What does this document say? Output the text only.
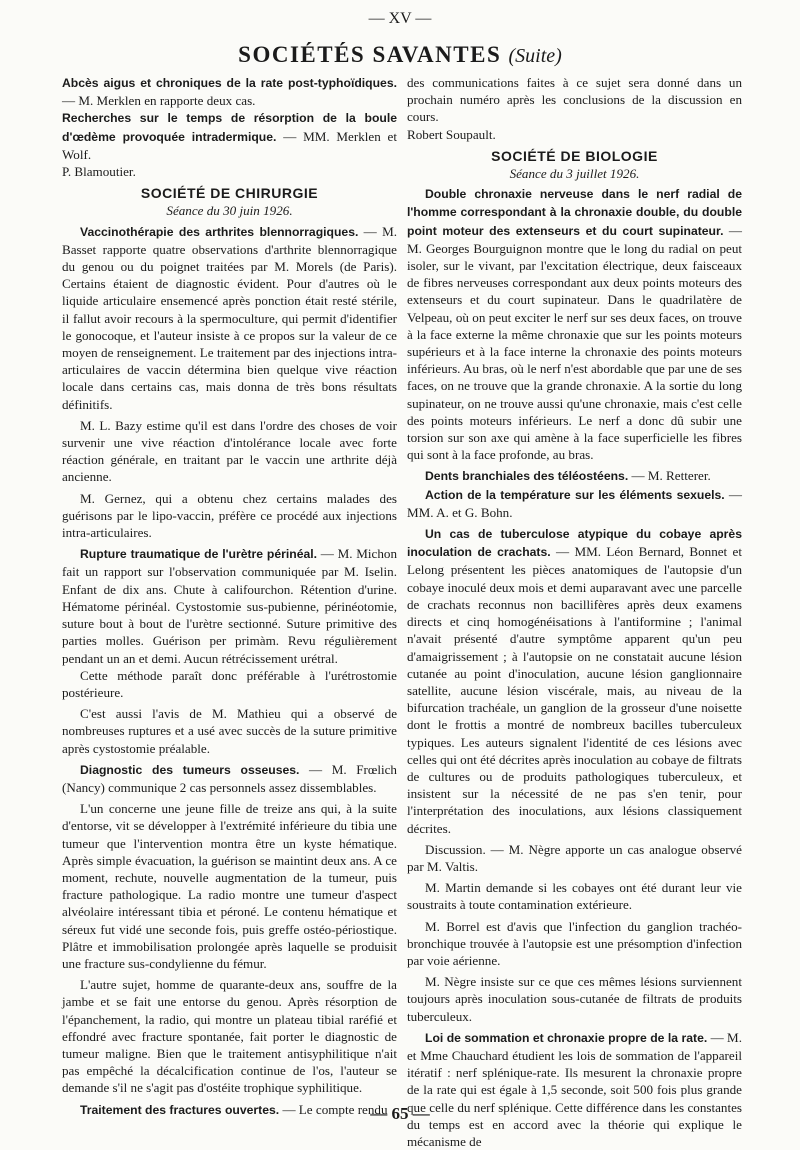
— XV —
SOCIÉTÉS SAVANTES (Suite)

Abcès aigus et chroniques de la rate post-typhoïdiques. — M. Merklen en rapporte deux cas.

Recherches sur le temps de résorption de la boule d'œdème provoquée intradermique. — MM. Merklen et Wolf.

P. Blamoutier.

SOCIÉTÉ DE CHIRURGIE

Séance du 30 juin 1926.

Vaccinothérapie des arthrites blennorragiques. — M. Basset rapporte quatre observations d'arthrite blennorragique du genou ou du poignet traitées par M. Morels (de Paris). Certains étaient de diagnostic évident. Pour d'autres où le liquide articulaire ensemencé après ponction était resté stérile, il fallut avoir recours à la spermoculture, qui permit d'identifier le gonocoque, et l'auteur insiste à ce propos sur la valeur de ce moyen de renseignement. Le traitement par des injections intra-articulaires de vaccin détermina bien quelque vive réaction locale dans certains cas, mais donna de très bons résultats définitifs.

M. L. Bazy estime qu'il est dans l'ordre des choses de voir survenir une vive réaction d'intolérance locale avec forte réaction générale, en traitant par le vaccin une arthrite déjà ancienne.

M. Gernez, qui a obtenu chez certains malades des guérisons par le lipo-vaccin, préfère ce procédé aux injections intra-articulaires.

Rupture traumatique de l'urètre périnéal. — M. Michon fait un rapport sur l'observation communiquée par M. Iselin. Enfant de dix ans. Chute à califourchon. Rétention d'urine. Hématome périnéal. Cystostomie sus-pubienne, périnéotomie, suture bout à bout de l'urètre sectionné. Suture primitive des parties molles. Guérison per primàm. Revu régulièrement pendant un an et demi. Aucun rétrécissement urétral.

Cette méthode paraît donc préférable à l'urétrostomie postérieure.

C'est aussi l'avis de M. Mathieu qui a observé de nombreuses ruptures et a usé avec succès de la suture primitive après cystostomie préalable.

Diagnostic des tumeurs osseuses. — M. Frœlich (Nancy) communique 2 cas personnels assez dissemblables.

L'un concerne une jeune fille de treize ans qui, à la suite d'entorse, vit se développer à l'extrémité inférieure du tibia une tumeur que l'intervention montra être un kyste hématique. Après simple évacuation, la guérison se maintint deux ans. A ce moment, rechute, nouvelle augmentation de la tumeur, puis fracture pathologique. La radio montre une tumeur d'aspect alvéolaire intéressant tibia et péroné. Le contenu hématique et séreux fut vidé une seconde fois, puis greffe ostéo-périostique. Plâtre et immobilisation prolongée après laquelle se produisit une fracture sus-condylienne du fémur.

L'autre sujet, homme de quarante-deux ans, souffre de la jambe et se fait une entorse du genou. Après résorption de l'épanchement, la radio, qui montre un plateau tibial raréfié et effondré avec fracture spontanée, fait porter le diagnostic de tumeur maligne. Bien que le traitement antisyphilitique n'ait pas empêché la décalcification continue de l'os, l'auteur se demande s'il ne s'agit pas d'ostéite trophique syphilitique.

Traitement des fractures ouvertes. — Le compte rendu

des communications faites à ce sujet sera donné dans un prochain numéro après les conclusions de la discussion en cours.

Robert Soupault.

SOCIÉTÉ DE BIOLOGIE

Séance du 3 juillet 1926.

Double chronaxie nerveuse dans le nerf radial de l'homme correspondant à la chronaxie double, du double point moteur des extenseurs et du court supinateur. — M. Georges Bourguignon montre que le long du radial on peut isoler, sur le vivant, par l'excitation électrique, deux faisceaux de fibres nerveuses correspondant aux deux points moteurs des extenseurs et du court supinateur. Dans le quadrilatère de Velpeau, où on peut exciter le nerf sur ses deux faces, on trouve à la face externe la même chronaxie que sur les points moteurs supérieurs et à la face interne la chronaxie des points moteurs inférieurs. Au bras, où le nerf n'est abordable que par une de ses faces, on ne trouve que la grande chronaxie. A la sortie du long supinateur, on ne trouve aussi qu'une chronaxie, mais c'est celle des points moteurs inférieurs. Le nerf a donc dû subir une torsion sur son axe qui amène à la face superficielle les fibres qui sont à la face profonde, au bras.

Dents branchiales des téléostéens. — M. Retterer.

Action de la température sur les éléments sexuels. — MM. A. et G. Bohn.

Un cas de tuberculose atypique du cobaye après inoculation de crachats. — MM. Léon Bernard, Bonnet et Lelong présentent les pièces anatomiques de l'autopsie d'un cobaye inoculé deux mois et demi auparavant avec une parcelle de crachats reconnus non bacillifères après deux examens directs et cinq homogénéisations à l'antiformine ; l'animal n'avait présenté d'autre symptôme apparent qu'un peu d'amaigrissement ; à l'autopsie on ne constatait aucune lésion cutanée au point d'inoculation, aucune lésion ganglionnaire satellite, aucune lésion viscérale, mais, au niveau de la bifurcation trachéale, un ganglion de la grosseur d'une noisette dont le frottis a montré de nombreux bacilles tuberculeux typiques. Les auteurs signalent l'identité de ces lésions avec celles qui ont été décrites après inoculation au cobaye de filtrats de cultures ou de produits pathologiques tuberculeux, et insistent sur la nécessité de ne pas s'en tenir, pour l'interprétation des inoculations, aux lésions classiquement décrites.

Discussion. — M. Nègre apporte un cas analogue observé par M. Valtis.

M. Martin demande si les cobayes ont été durant leur vie soustraits à toute contamination extérieure.

M. Borrel est d'avis que l'infection du ganglion trachéo-bronchique trouvée à l'autopsie est une présomption d'infection par voie aérienne.

M. Nègre insiste sur ce que ces mêmes lésions surviennent toujours après inoculation sous-cutanée de filtrats de produits tuberculeux.

Loi de sommation et chronaxie propre de la rate. — M. et Mme Chauchard étudient les lois de sommation de l'appareil itératif : nerf splénique-rate. Ils mesurent la chronaxie propre de la rate qui est égale à 1,5 seconde, soit 500 fois plus grande que celle du nerf splénique. Cette différence dans les constantes du temps est en accord avec la théorie qui explique le mécanisme de

— 65 —
